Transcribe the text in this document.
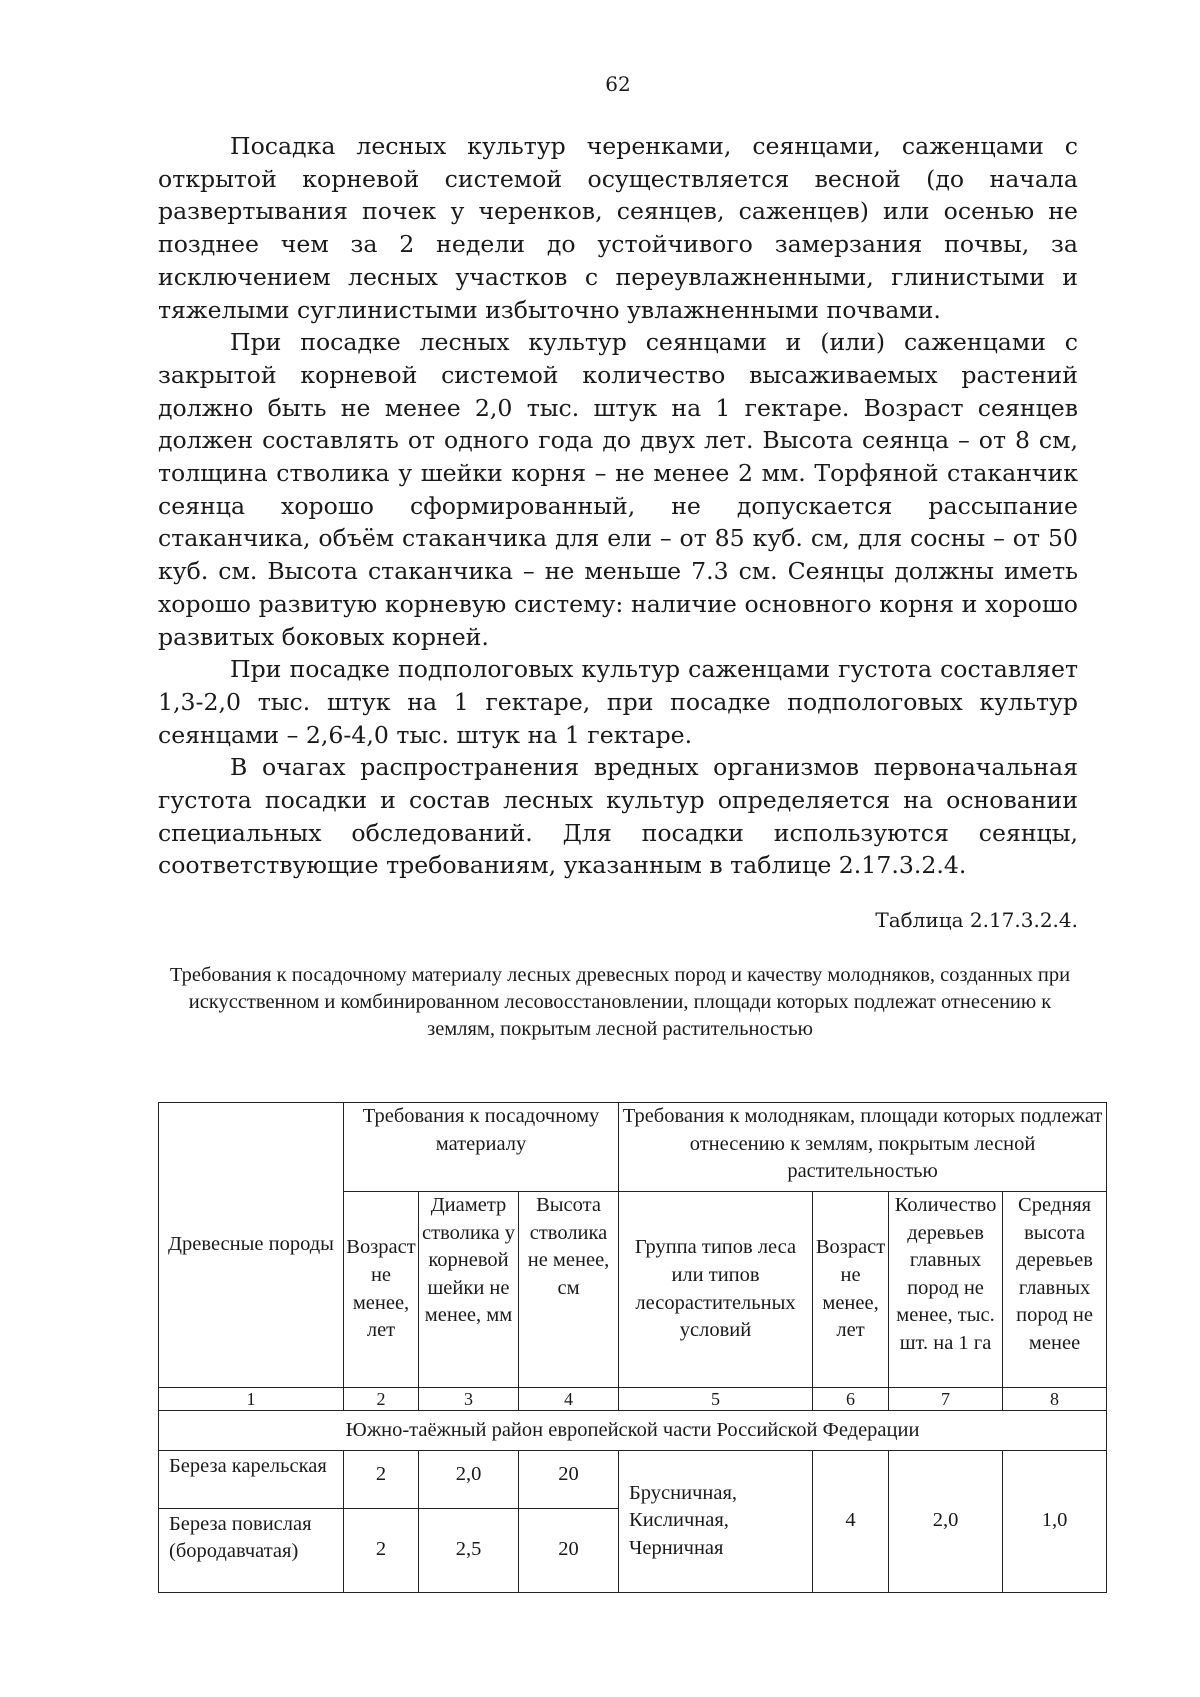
62

Посадка лесных культур черенками, сеянцами, саженцами с открытой корневой системой осуществляется весной (до начала развертывания почек у черенков, сеянцев, саженцев) или осенью не позднее чем за 2 недели до устойчивого замерзания почвы, за исключением лесных участков с переувлажненными, глинистыми и тяжелыми суглинистыми избыточно увлажненными почвами.

При посадке лесных культур сеянцами и (или) саженцами с закрытой корневой системой количество высаживаемых растений должно быть не менее 2,0 тыс. штук на 1 гектаре. Возраст сеянцев должен составлять от одного года до двух лет. Высота сеянца – от 8 см, толщина стволика у шейки корня – не менее 2 мм. Торфяной стаканчик сеянца хорошо сформированный, не допускается рассыпание стаканчика, объём стаканчика для ели – от 85 куб. см, для сосны – от 50 куб. см. Высота стаканчика – не меньше 7.3 см. Сеянцы должны иметь хорошо развитую корневую систему: наличие основного корня и хорошо развитых боковых корней.

При посадке подпологовых культур саженцами густота составляет 1,3-2,0 тыс. штук на 1 гектаре, при посадке подпологовых культур сеянцами – 2,6-4,0 тыс. штук на 1 гектаре.

В очагах распространения вредных организмов первоначальная густота посадки и состав лесных культур определяется на основании специальных обследований. Для посадки используются сеянцы, соответствующие требованиям, указанным в таблице 2.17.3.2.4.

Таблица 2.17.3.2.4.
Требования к посадочному материалу лесных древесных пород и качеству молодняков, созданных при искусственном и комбинированном лесовосстановлении, площади которых подлежат отнесению к землям, покрытым лесной растительностью
Древесные породы	Требования к посадочному материалу			Требования к молоднякам, площади которых подлежат отнесению к землям, покрытым лесной растительностью			
	Возраст не менее, лет	Диаметр стволика у корневой шейки не менее, мм	Высота стволика не менее, см	Группа типов леса или типов лесорастительных условий	Возраст не менее, лет	Количество деревьев главных пород не менее, тыс. шт. на 1 га	Средняя высота деревьев главных пород не менее
1	2	3	4	5	6	7	8
Южно-таёжный район европейской части Российской Федерации							

Береза карельская	2	2,0	20	Брусничная, Кисличная, Черничная	4	2,0	1,0

Береза повислая (бородавчатая)	2	2,5	20				
